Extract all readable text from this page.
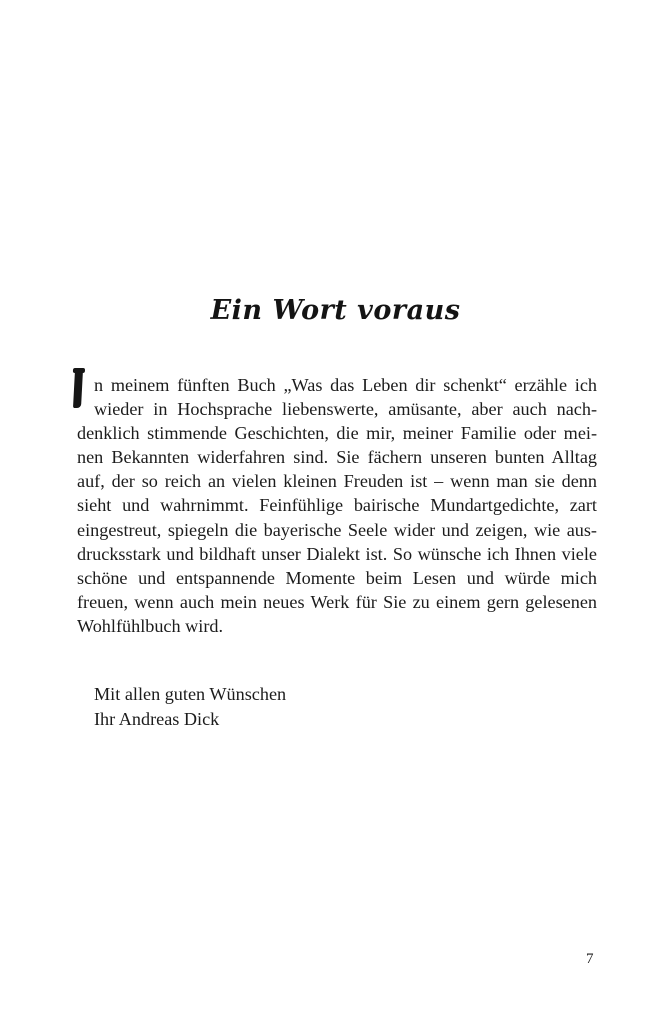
Ein Wort voraus
n meinem fünften Buch „Was das Leben dir schenkt“ erzähle ich
wieder in Hochsprache liebenswerte, amüsante, aber auch nach-
denklich stimmende Geschichten, die mir, meiner Familie oder mei-
nen Bekannten widerfahren sind. Sie fächern unseren bunten Alltag
auf, der so reich an vielen kleinen Freuden ist – wenn man sie denn
sieht und wahrnimmt. Feinfühlige bairische Mundartgedichte, zart
eingestreut, spiegeln die bayerische Seele wider und zeigen, wie aus-
drucksstark und bildhaft unser Dialekt ist. So wünsche ich Ihnen viele
schöne und entspannende Momente beim Lesen und würde mich
freuen, wenn auch mein neues Werk für Sie zu einem gern gelesenen
Wohlfühlbuch wird.
Mit allen guten Wünschen
Ihr Andreas Dick
7
